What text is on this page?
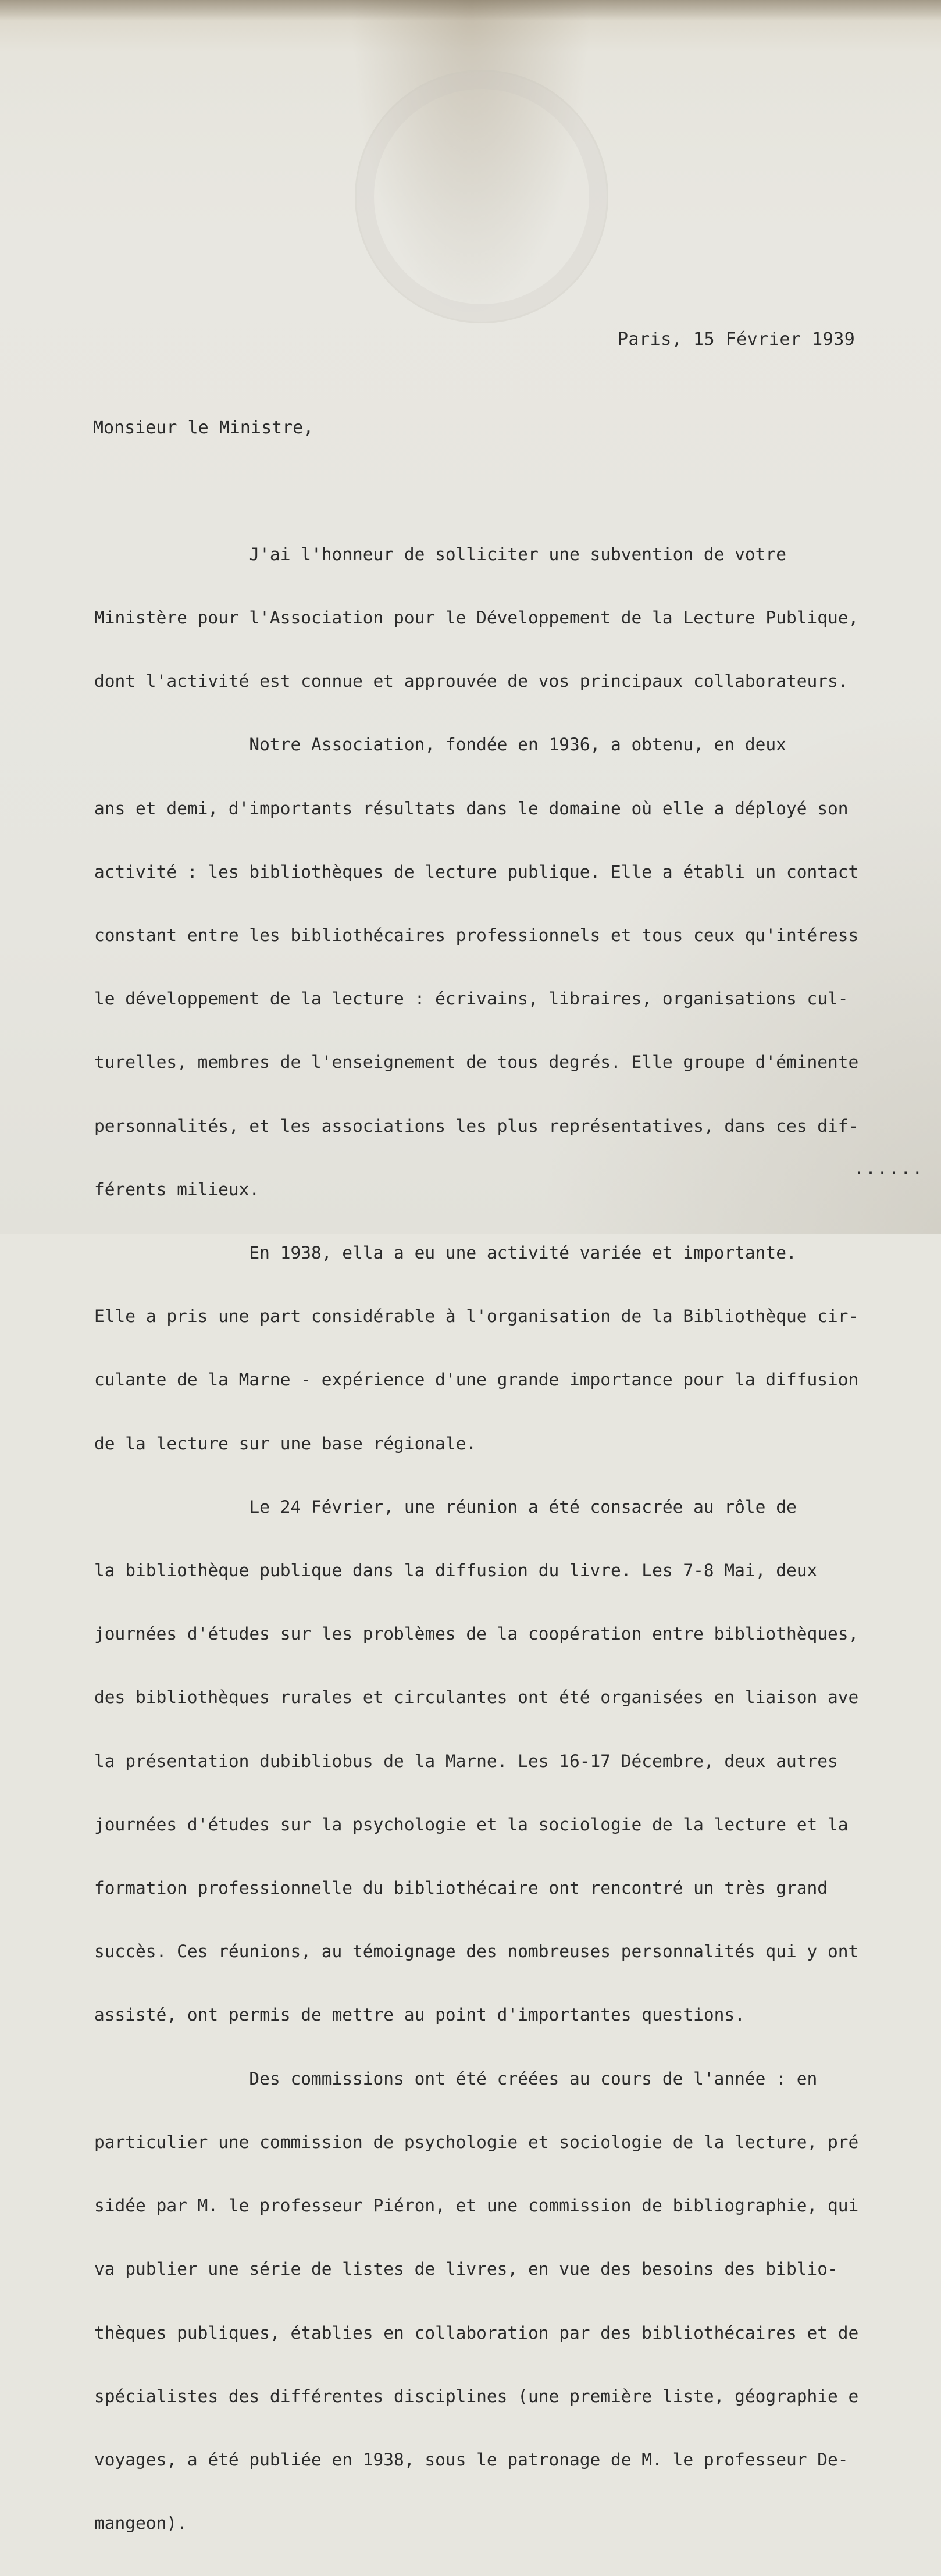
Paris, 15 Février 1939
Monsieur le Ministre,

J'ai l'honneur de solliciter une subvention de votre

Ministère pour l'Association pour le Développement de la Lecture Publique,

dont l'activité est connue et approuvée de vos principaux collaborateurs.

Notre Association, fondée en 1936, a obtenu, en deux

ans et demi, d'importants résultats dans le domaine où elle a déployé son

activité : les bibliothèques de lecture publique. Elle a établi un contact

constant entre les bibliothécaires professionnels et tous ceux qu'intéress

le développement de la lecture : écrivains, libraires, organisations cul-

turelles, membres de l'enseignement de tous degrés. Elle groupe d'éminente

personnalités, et les associations les plus représentatives, dans ces dif-

férents milieux.

En 1938, ella a eu une activité variée et importante.

Elle a pris une part considérable à l'organisation de la Bibliothèque cir-

culante de la Marne - expérience d'une grande importance pour la diffusion

de la lecture sur une base régionale.

Le 24 Février, une réunion a été consacrée au rôle de

la bibliothèque publique dans la diffusion du livre. Les 7-8 Mai, deux

journées d'études sur les problèmes de la coopération entre bibliothèques,

des bibliothèques rurales et circulantes ont été organisées en liaison ave

la présentation dubibliobus de la Marne. Les 16-17 Décembre, deux autres

journées d'études sur la psychologie et la sociologie de la lecture et la

formation professionnelle du bibliothécaire ont rencontré un très grand

succès. Ces réunions, au témoignage des nombreuses personnalités qui y ont

assisté, ont permis de mettre au point d'importantes questions.

Des commissions ont été créées au cours de l'année : en

particulier une commission de psychologie et sociologie de la lecture, pré

sidée par M. le professeur Piéron, et une commission de bibliographie, qui

va publier une série de listes de livres, en vue des besoins des biblio-

thèques publiques, établies en collaboration par des bibliothécaires et de

spécialistes des différentes disciplines (une première liste, géographie e

voyages, a été publiée en 1938, sous le patronage de M. le professeur De-

mangeon).

......
